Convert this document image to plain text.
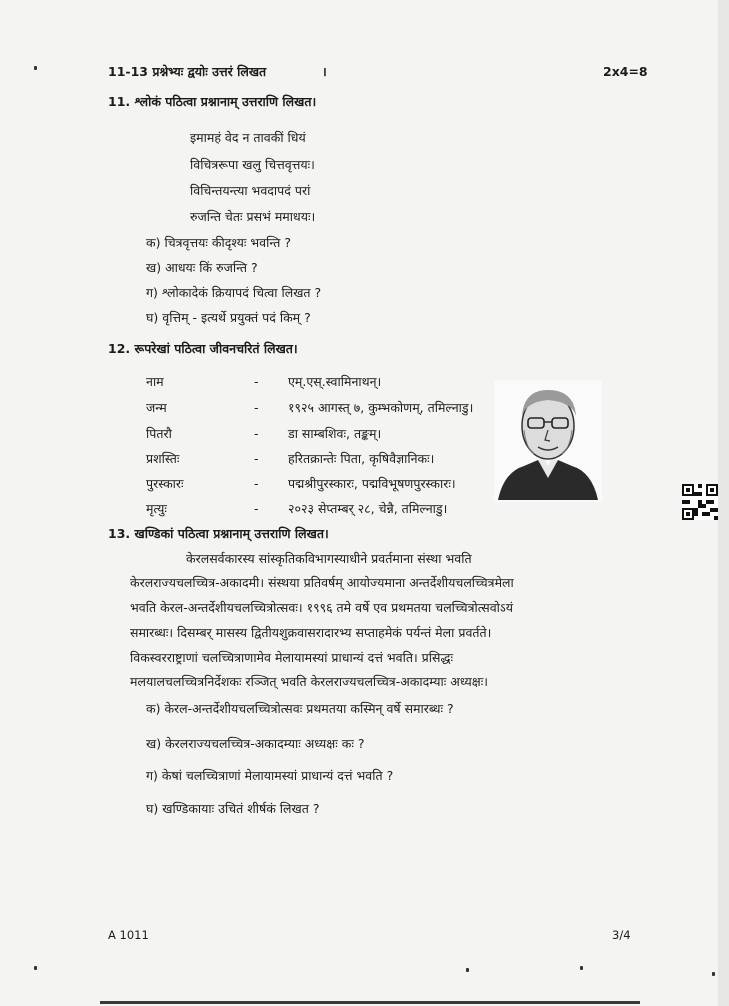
11-13 प्रश्नेभ्यः द्वयोः उत्तरं लिखत	।	2x4=8
11. श्लोकं पठित्वा प्रश्नानाम् उत्तराणि लिखत।
इमामहं वेद न तावकीं धियं
विचित्ररूपा खलु चित्तवृत्तयः।
विचिन्तयन्त्या भवदापदं परां
रुजन्ति चेतः प्रसभं ममाधयः।
क) चित्रवृत्तयः कीदृश्यः भवन्ति ?
ख) आधयः किं रुजन्ति ?
ग) श्लोकादेकं क्रियापदं चित्वा लिखत ?
घ) वृत्तिम् - इत्यर्थे प्रयुक्तं पदं किम् ?
12. रूपरेखां पठित्वा जीवनचरितं लिखत।
नाम	- एम्.एस्.स्वामिनाथन्।
जन्म	- १९२५ आगस्त् ७, कुम्भकोणम्, तमिल्नाडु।
पितरौ	- डा साम्बशिवः, तङ्कम्।
प्रशस्तिः	- हरितक्रान्तेः पिता, कृषिवैज्ञानिकः।
पुरस्कारः	- पद्मश्रीपुरस्कारः, पद्मविभूषणपुरस्कारः।
मृत्युः	- २०२३ सेप्तम्बर् २८, चेन्नै, तमिल्नाडु।
13. खण्डिकां पठित्वा प्रश्नानाम् उत्तराणि लिखत।
केरलसर्वकारस्य सांस्कृतिकविभागस्याधीने प्रवर्तमाना संस्था भवति
केरलराज्यचलच्चित्र-अकादमी। संस्थया प्रतिवर्षम् आयोज्यमाना अन्तर्देशीयचलच्चित्रमेला
भवति केरल-अन्तर्देशीयचलच्चित्रोत्सवः। १९९६ तमे वर्षे एव प्रथमतया चलच्चित्रोत्सवोऽयं
समारब्धः। दिसम्बर् मासस्य द्वितीयशुक्रवासरादारभ्य सप्ताहमेकं पर्यन्तं मेला प्रवर्तते।
विकस्वरराष्ट्राणां चलच्चित्राणामेव मेलायामस्यां प्राधान्यं दत्तं भवति। प्रसिद्धः
मलयालचलच्चित्रनिर्देशकः रञ्जित् भवति केरलराज्यचलच्चित्र-अकादम्याः अध्यक्षः।
क) केरल-अन्तर्देशीयचलच्चित्रोत्सवः प्रथमतया कस्मिन् वर्षे समारब्धः ?
ख) केरलराज्यचलच्चित्र-अकादम्याः अध्यक्षः कः ?
ग) केषां चलच्चित्राणां मेलायामस्यां प्राधान्यं दत्तं भवति ?
घ) खण्डिकायाः उचितं शीर्षकं लिखत ?
A 1011	3/4
